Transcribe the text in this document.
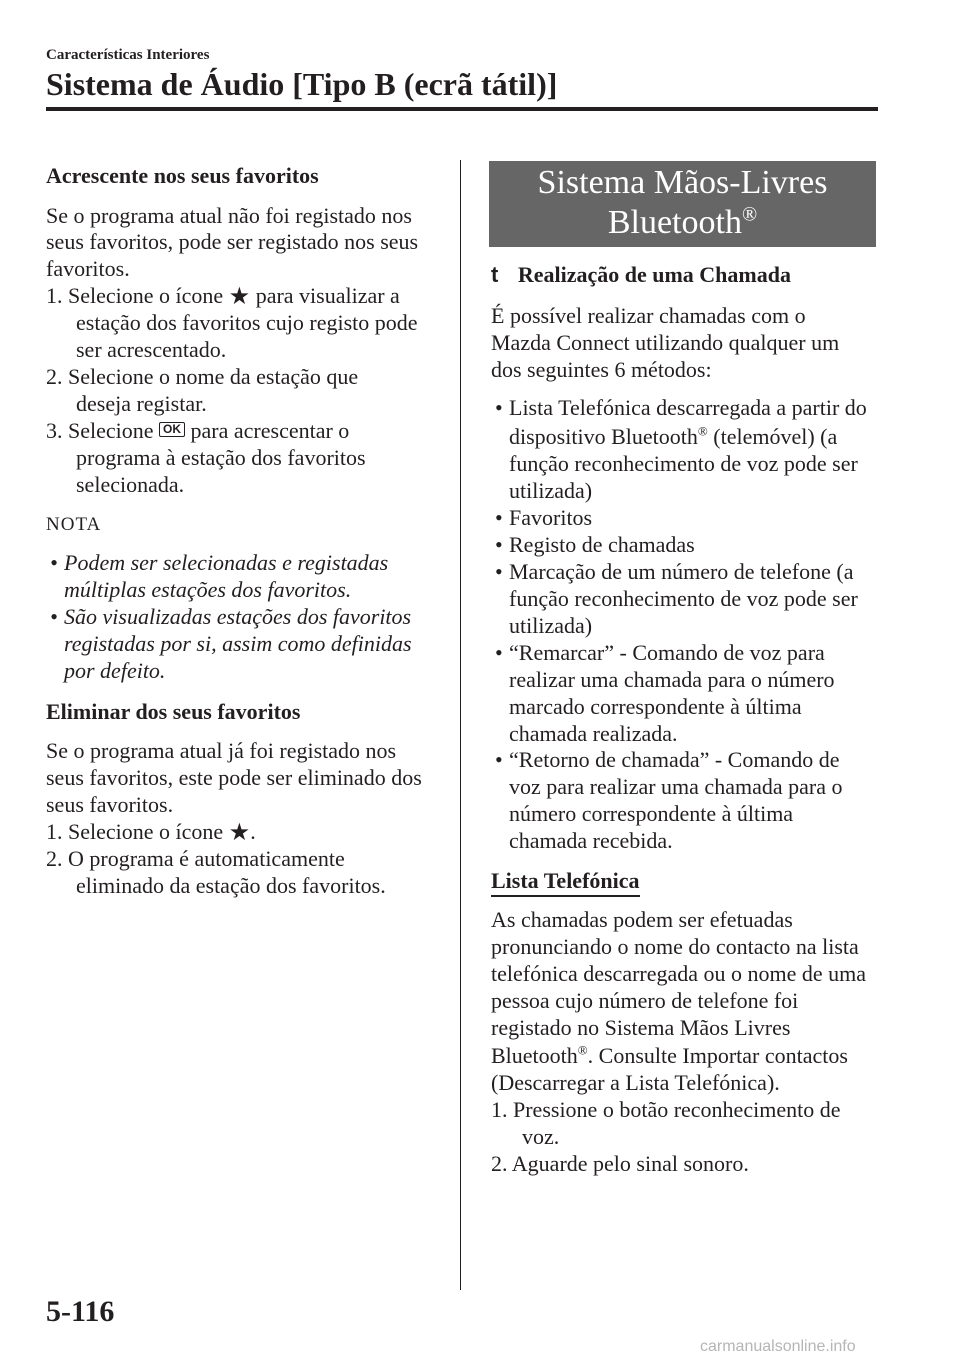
Características Interiores
Sistema de Áudio [Tipo B (ecrã tátil)]
Acrescente nos seus favoritos
Se o programa atual não foi registado nos
seus favoritos, pode ser registado nos seus
favoritos.
1. Selecione o ícone ★ para visualizar a
estação dos favoritos cujo registo pode
ser acrescentado.
2. Selecione o nome da estação que
deseja registar.
3. Selecione OK para acrescentar o
programa à estação dos favoritos
selecionada.
NOTA
• Podem ser selecionadas e registadas
múltiplas estações dos favoritos.
• São visualizadas estações dos favoritos
registadas por si, assim como definidas
por defeito.
Eliminar dos seus favoritos
Se o programa atual já foi registado nos
seus favoritos, este pode ser eliminado dos
seus favoritos.
1. Selecione o ícone ★.
2. O programa é automaticamente
eliminado da estação dos favoritos.
Sistema Mãos-Livres
Bluetooth®
t Realização de uma Chamada
É possível realizar chamadas com o
Mazda Connect utilizando qualquer um
dos seguintes 6 métodos:
• Lista Telefónica descarregada a partir do
dispositivo Bluetooth® (telemóvel) (a
função reconhecimento de voz pode ser
utilizada)
• Favoritos
• Registo de chamadas
• Marcação de um número de telefone (a
função reconhecimento de voz pode ser
utilizada)
• “Remarcar” - Comando de voz para
realizar uma chamada para o número
marcado correspondente à última
chamada realizada.
• “Retorno de chamada” - Comando de
voz para realizar uma chamada para o
número correspondente à última
chamada recebida.
Lista Telefónica
As chamadas podem ser efetuadas
pronunciando o nome do contacto na lista
telefónica descarregada ou o nome de uma
pessoa cujo número de telefone foi
registado no Sistema Mãos Livres
Bluetooth®. Consulte Importar contactos
(Descarregar a Lista Telefónica).
1. Pressione o botão reconhecimento de
voz.
2. Aguarde pelo sinal sonoro.
5-116
carmanualsonline.info
